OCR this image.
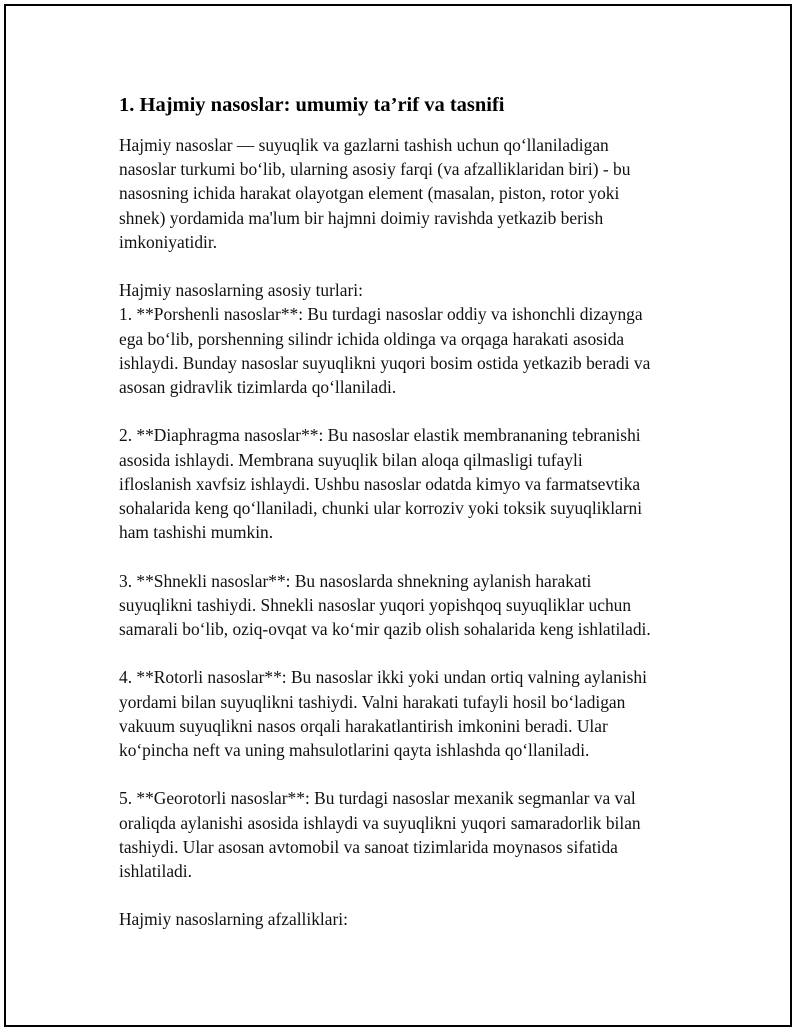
1. Hajmiy nasoslar: umumiy ta’rif va tasnifi
Hajmiy nasoslar — suyuqlik va gazlarni tashish uchun qo‘llaniladigan
nasoslar turkumi bo‘lib, ularning asosiy farqi (va afzalliklaridan biri) - bu
nasosning ichida harakat olayotgan element (masalan, piston, rotor yoki
shnek) yordamida ma'lum bir hajmni doimiy ravishda yetkazib berish
imkoniyatidir.
Hajmiy nasoslarning asosiy turlari:
1. **Porshenli nasoslar**: Bu turdagi nasoslar oddiy va ishonchli dizaynga
ega bo‘lib, porshenning silindr ichida oldinga va orqaga harakati asosida
ishlaydi. Bunday nasoslar suyuqlikni yuqori bosim ostida yetkazib beradi va
asosan gidravlik tizimlarda qo‘llaniladi.
2. **Diaphragma nasoslar**: Bu nasoslar elastik membrananing tebranishi
asosida ishlaydi. Membrana suyuqlik bilan aloqa qilmasligi tufayli
ifloslanish xavfsiz ishlaydi. Ushbu nasoslar odatda kimyo va farmatsevtika
sohalarida keng qo‘llaniladi, chunki ular korroziv yoki toksik suyuqliklarni
ham tashishi mumkin.
3. **Shnekli nasoslar**: Bu nasoslarda shnekning aylanish harakati
suyuqlikni tashiydi. Shnekli nasoslar yuqori yopishqoq suyuqliklar uchun
samarali bo‘lib, oziq-ovqat va ko‘mir qazib olish sohalarida keng ishlatiladi.
4. **Rotorli nasoslar**: Bu nasoslar ikki yoki undan ortiq valning aylanishi
yordami bilan suyuqlikni tashiydi. Valni harakati tufayli hosil bo‘ladigan
vakuum suyuqlikni nasos orqali harakatlantirish imkonini beradi. Ular
ko‘pincha neft va uning mahsulotlarini qayta ishlashda qo‘llaniladi.
5. **Georotorli nasoslar**: Bu turdagi nasoslar mexanik segmanlar va val
oraliqda aylanishi asosida ishlaydi va suyuqlikni yuqori samaradorlik bilan
tashiydi. Ular asosan avtomobil va sanoat tizimlarida moynasos sifatida
ishlatiladi.
Hajmiy nasoslarning afzalliklari:
